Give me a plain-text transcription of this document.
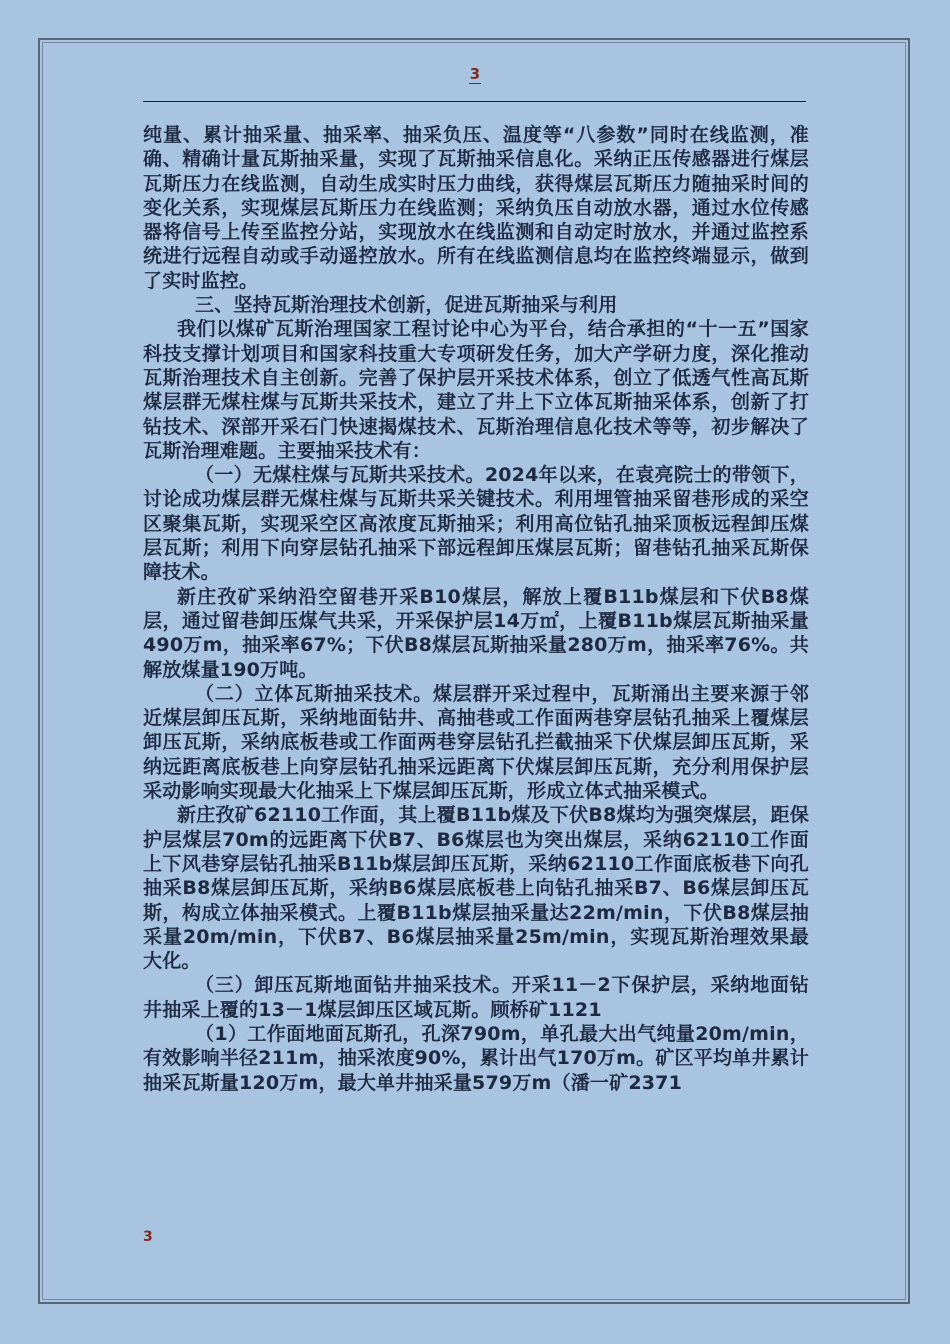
3

纯量、累计抽采量、抽采率、抽采负压、温度等“八参数”同时在线监测，准确、精确计量瓦斯抽采量，实现了瓦斯抽采信息化。采纳正压传感器进行煤层瓦斯压力在线监测，自动生成实时压力曲线，获得煤层瓦斯压力随抽采时间的变化关系，实现煤层瓦斯压力在线监测；采纳负压自动放水器，通过水位传感器将信号上传至监控分站，实现放水在线监测和自动定时放水，并通过监控系统进行远程自动或手动遥控放水。所有在线监测信息均在监控终端显示，做到了实时监控。

三、坚持瓦斯治理技术创新，促进瓦斯抽采与利用

我们以煤矿瓦斯治理国家工程讨论中心为平台，结合承担的“十一五”国家科技支撑计划项目和国家科技重大专项研发任务，加大产学研力度，深化推动瓦斯治理技术自主创新。完善了保护层开采技术体系，创立了低透气性高瓦斯煤层群无煤柱煤与瓦斯共采技术，建立了井上下立体瓦斯抽采体系，创新了打钻技术、深部开采石门快速揭煤技术、瓦斯治理信息化技术等等，初步解决了瓦斯治理难题。主要抽采技术有：

（一）无煤柱煤与瓦斯共采技术。2024年以来，在袁亮院士的带领下，讨论成功煤层群无煤柱煤与瓦斯共采关键技术。利用埋管抽采留巷形成的采空区聚集瓦斯，实现采空区高浓度瓦斯抽采；利用高位钻孔抽采顶板远程卸压煤层瓦斯；利用下向穿层钻孔抽采下部远程卸压煤层瓦斯；留巷钻孔抽采瓦斯保障技术。

新庄孜矿采纳沿空留巷开采B10煤层，解放上覆B11b煤层和下伏B8煤层，通过留巷卸压煤气共采，开采保护层14万㎡，上覆B11b煤层瓦斯抽采量490万m，抽采率67%；下伏B8煤层瓦斯抽采量280万m，抽采率76%。共解放煤量190万吨。

（二）立体瓦斯抽采技术。煤层群开采过程中，瓦斯涌出主要来源于邻近煤层卸压瓦斯，采纳地面钻井、高抽巷或工作面两巷穿层钻孔抽采上覆煤层卸压瓦斯，采纳底板巷或工作面两巷穿层钻孔拦截抽采下伏煤层卸压瓦斯，采纳远距离底板巷上向穿层钻孔抽采远距离下伏煤层卸压瓦斯，充分利用保护层采动影响实现最大化抽采上下煤层卸压瓦斯，形成立体式抽采模式。

新庄孜矿62110工作面，其上覆B11b煤及下伏B8煤均为强突煤层，距保护层煤层70m的远距离下伏B7、B6煤层也为突出煤层，采纳62110工作面上下风巷穿层钻孔抽采B11b煤层卸压瓦斯，采纳62110工作面底板巷下向孔抽采B8煤层卸压瓦斯，采纳B6煤层底板巷上向钻孔抽采B7、B6煤层卸压瓦斯，构成立体抽采模式。上覆B11b煤层抽采量达22m/min，下伏B8煤层抽采量20m/min，下伏B7、B6煤层抽采量25m/min，实现瓦斯治理效果最大化。

（三）卸压瓦斯地面钻井抽采技术。开采11－2下保护层，采纳地面钻井抽采上覆的13－1煤层卸压区域瓦斯。顾桥矿1121

（1）工作面地面瓦斯孔，孔深790m，单孔最大出气纯量20m/min，有效影响半径211m，抽采浓度90%，累计出气170万m。矿区平均单井累计抽采瓦斯量120万m，最大单井抽采量579万m（潘一矿2371

3
